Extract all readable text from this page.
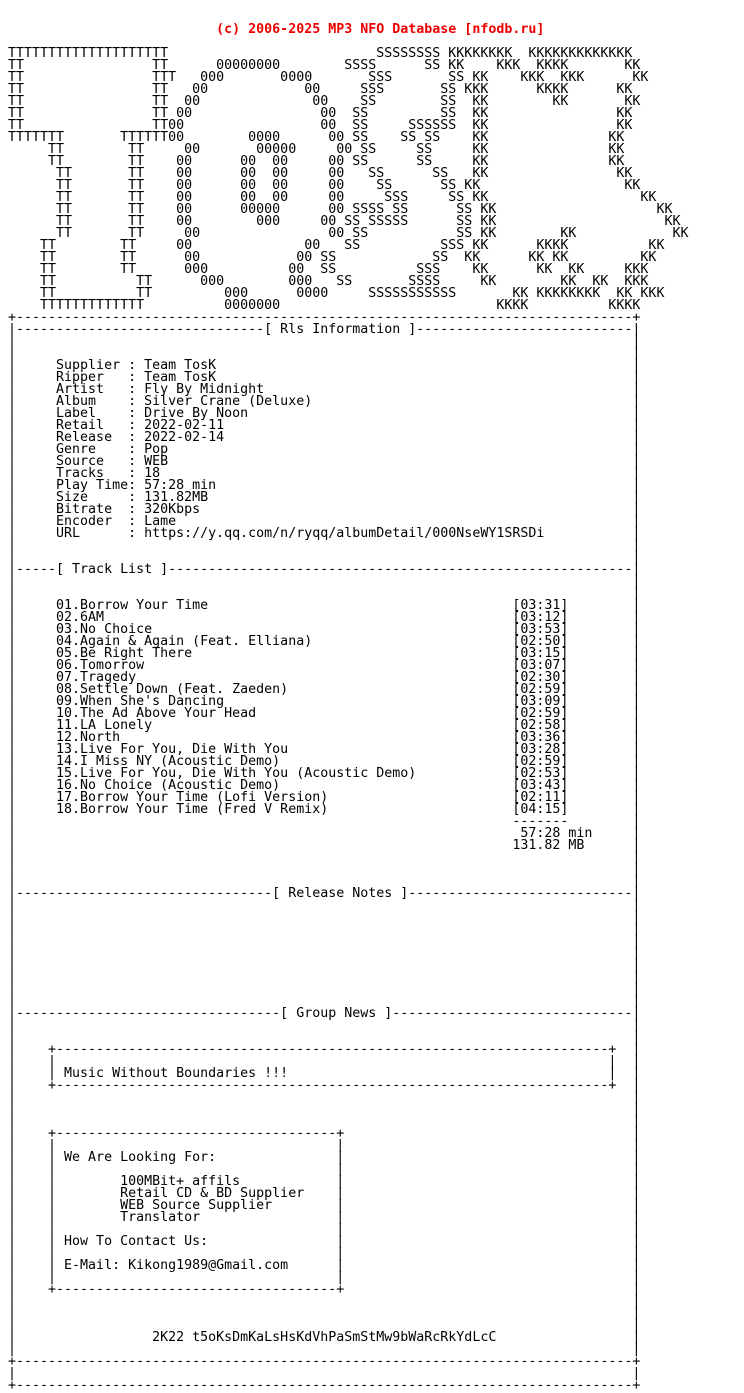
(c) 2006-2025 MP3 NFO Database [nfodb.ru]

TTTTTTTTTTTTTTTTTTTT                          SSSSSSSS KKKKKKKK  KKKKKKKKKKKKK
TT                TT      00000000        SSSS      SS KK    KKK  KKKK       KK
TT                TTT   000       0000       SSS       SS KK    KKK  KKK      KK
TT                TT   00            00     SSS       SS KKK      KKKK      KK
TT                TT  00              00    SS        SS  KK        KK       KK
TT                TT 00                00  SS         SS  KK                KK
TT                TT00                 00  SS     SSSSSS  KK                KK
TTTTTTT       TTTTTT00        0000      00 SS    SS SS    KK               KK
TT        TT     00       00000     00 SS     SS     KK               KK
TT        TT    00      00  00     00 SS      SS     KK               KK
TT       TT    00      00  00     00   SS      SS   KK                KK
TT       TT    00      00  00     00    SS      SS KK                  KK
TT       TT    00      00  00     00     SSS     SS KK                   KK
TT       TT    00      00000      00 SSSS SS      SS KK                    KK
TT       TT    00        000     00 SS SSSSS      SS KK                     KK
TT       TT     00                00 SS           SS KK        KK            KK
TT        TT     00              00   SS          SSS KK      KKKK          KK
TT        TT      00            00 SS            SS  KK      KK KK         KK
TT        TT      000          00  SS          SSS    KK      KK  KK     KKK
TT          TT      000        000   SS       SSSS     KK        KK  KK  KKK
TT          TT         000      0000     SSSSSSSSSSS       KK KKKKKKKK  KK KKK
TTTTTTTTTTTTT          0000000                           KKKK          KKKK
+-----------------------------------------------------------------------------+
|-------------------------------[ Rls Information ]---------------------------|
|                                                                             |
|                                                                             |
|     Supplier : Team TosK                                                    |
|     Ripper   : Team TosK                                                    |
|     Artist   : Fly By Midnight                                              |
|     Album    : Silver Crane (Deluxe)                                        |
|     Label    : Drive By Noon                                                |
|     Retail   : 2022-02-11                                                   |
|     Release  : 2022-02-14                                                   |
|     Genre    : Pop                                                          |
|     Source   : WEB                                                          |
|     Tracks   : 18                                                           |
|     Play Time: 57:28 min                                                    |
|     Size     : 131.82MB                                                     |
|     Bitrate  : 320Kbps                                                      |
|     Encoder  : Lame                                                         |
|     URL      : https://y.qq.com/n/ryqq/albumDetail/000NseWY1SRSDi           |
|                                                                             |
|                                                                             |
|-----[ Track List ]----------------------------------------------------------|
|                                                                             |
|                                                                             |
|     01.Borrow Your Time                                      [03:31]        |
|     02.6AM                                                   [03:12]        |
|     03.No Choice                                             [03:53]        |
|     04.Again & Again (Feat. Elliana)                         [02:50]        |
|     05.Be Right There                                        [03:15]        |
|     06.Tomorrow                                              [03:07]        |
|     07.Tragedy                                               [02:30]        |
|     08.Settle Down (Feat. Zaeden)                            [02:59]        |
|     09.When She's Dancing                                    [03:09]        |
|     10.The Ad Above Your Head                                [02:59]        |
|     11.LA Lonely                                             [02:58]        |
|     12.North                                                 [03:36]        |
|     13.Live For You, Die With You                            [03:28]        |
|     14.I Miss NY (Acoustic Demo)                             [02:59]        |
|     15.Live For You, Die With You (Acoustic Demo)            [02:53]        |
|     16.No Choice (Acoustic Demo)                             [03:43]        |
|     17.Borrow Your Time (Lofi Version)                       [02:11]        |
|     18.Borrow Your Time (Fred V Remix)                       [04:15]        |
|                                                              -------        |
|                                                               57:28 min     |
|                                                              131.82 MB      |
|                                                                             |
|                                                                             |
|                                                                             |
|--------------------------------[ Release Notes ]----------------------------|
|                                                                             |
|                                                                             |
|                                                                             |
|                                                                             |
|                                                                             |
|                                                                             |
|                                                                             |
|                                                                             |
|                                                                             |
|---------------------------------[ Group News ]------------------------------|
|                                                                             |
|                                                                             |
|    +---------------------------------------------------------------------+  |
|    |                                                                     |  |
|    | Music Without Boundaries !!!                                        |  |
|    +---------------------------------------------------------------------+  |
|                                                                             |
|                                                                             |
|                                                                             |
|    +-----------------------------------+                                    |
|    |                                   |                                    |
|    | We Are Looking For:               |                                    |
|    |                                   |                                    |
|    |        100MBit+ affils            |                                    |
|    |        Retail CD & BD Supplier    |                                    |
|    |        WEB Source Supplier        |                                    |
|    |        Translator                 |                                    |
|    |                                   |                                    |
|    | How To Contact Us:                |                                    |
|    |                                   |                                    |
|    | E-Mail: Kikong1989@Gmail.com      |                                    |
|    |                                   |                                    |
|    +-----------------------------------+                                    |
|                                                                             |
|                                                                             |
|                                                                             |
|                 2K22 t5oKsDmKaLsHsKdVhPaSmStMw9bWaRcRkYdLcC                 |
|                                                                             |
+-----------------------------------------------------------------------------+
|                                                                             |
+-----------------------------------------------------------------------------+
